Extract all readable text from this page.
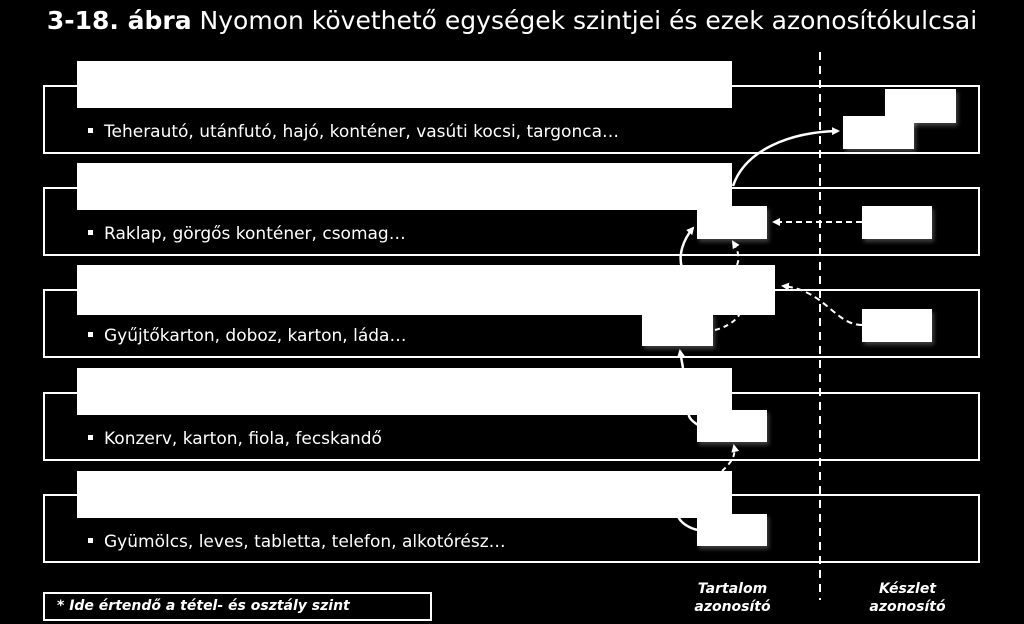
3-18. ábra Nyomon követhető egységek szintjei és ezek azonosítókulcsai
Teherautó, utánfutó, hajó, konténer, vasúti kocsi, targonca…
Raklap, görgős konténer, csomag…
Gyűjtőkarton, doboz, karton, láda…
Konzerv, karton, fiola, fecskandő
Gyümölcs, leves, tabletta, telefon, alkotórész…
Tartalom
azonosító
Készlet
azonosító
* Ide értendő a tétel- és osztály szint
